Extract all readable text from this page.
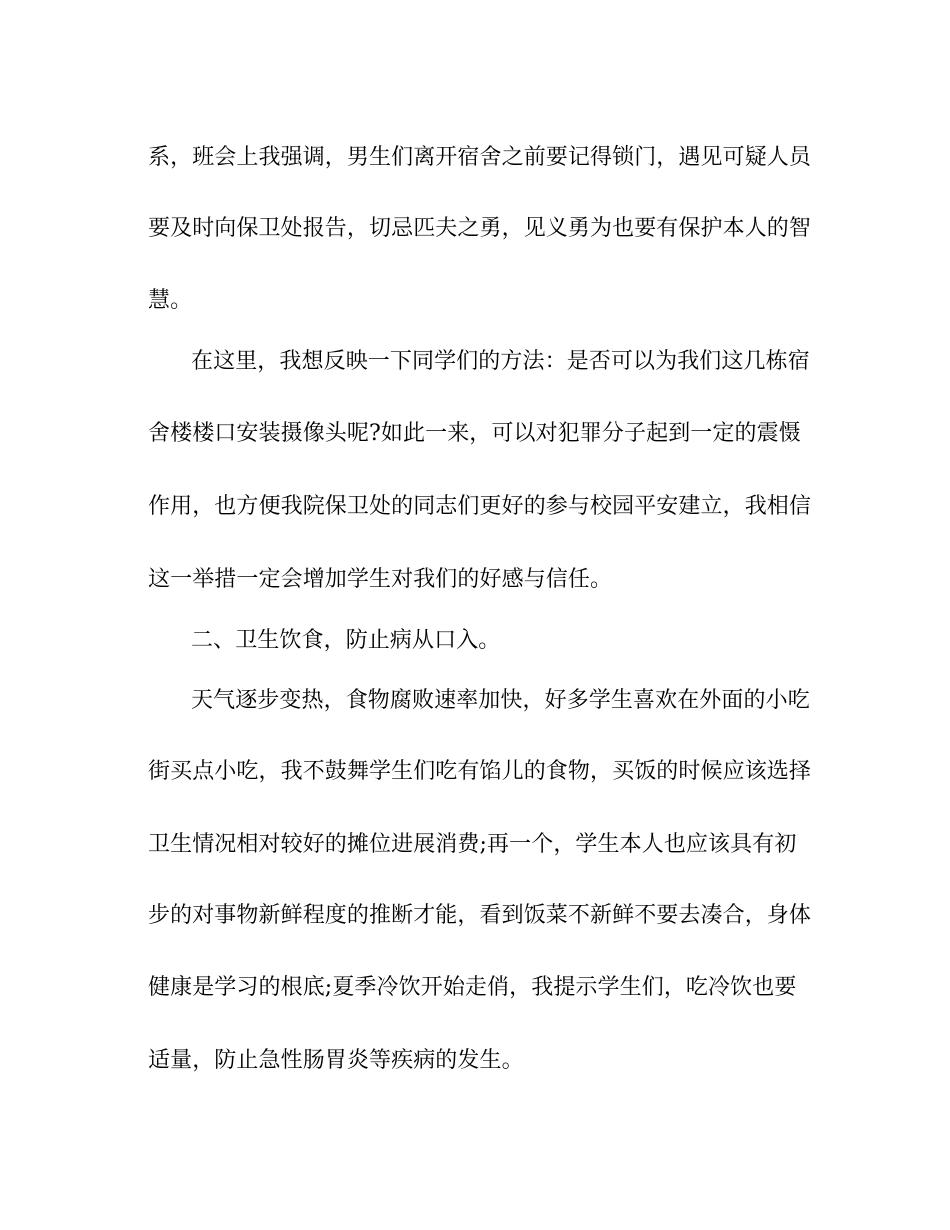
系，班会上我强调，男生们离开宿舍之前要记得锁门，遇见可疑人员
要及时向保卫处报告，切忌匹夫之勇，见义勇为也要有保护本人的智
慧。
在这里，我想反映一下同学们的方法：是否可以为我们这几栋宿
舍楼楼口安装摄像头呢?如此一来，可以对犯罪分子起到一定的震慑
作用，也方便我院保卫处的同志们更好的参与校园平安建立，我相信
这一举措一定会增加学生对我们的好感与信任。
二、卫生饮食，防止病从口入。
天气逐步变热，食物腐败速率加快，好多学生喜欢在外面的小吃
街买点小吃，我不鼓舞学生们吃有馅儿的食物，买饭的时候应该选择
卫生情况相对较好的摊位进展消费;再一个，学生本人也应该具有初
步的对事物新鲜程度的推断才能，看到饭菜不新鲜不要去凑合，身体
健康是学习的根底;夏季冷饮开始走俏，我提示学生们，吃冷饮也要
适量，防止急性肠胃炎等疾病的发生。
